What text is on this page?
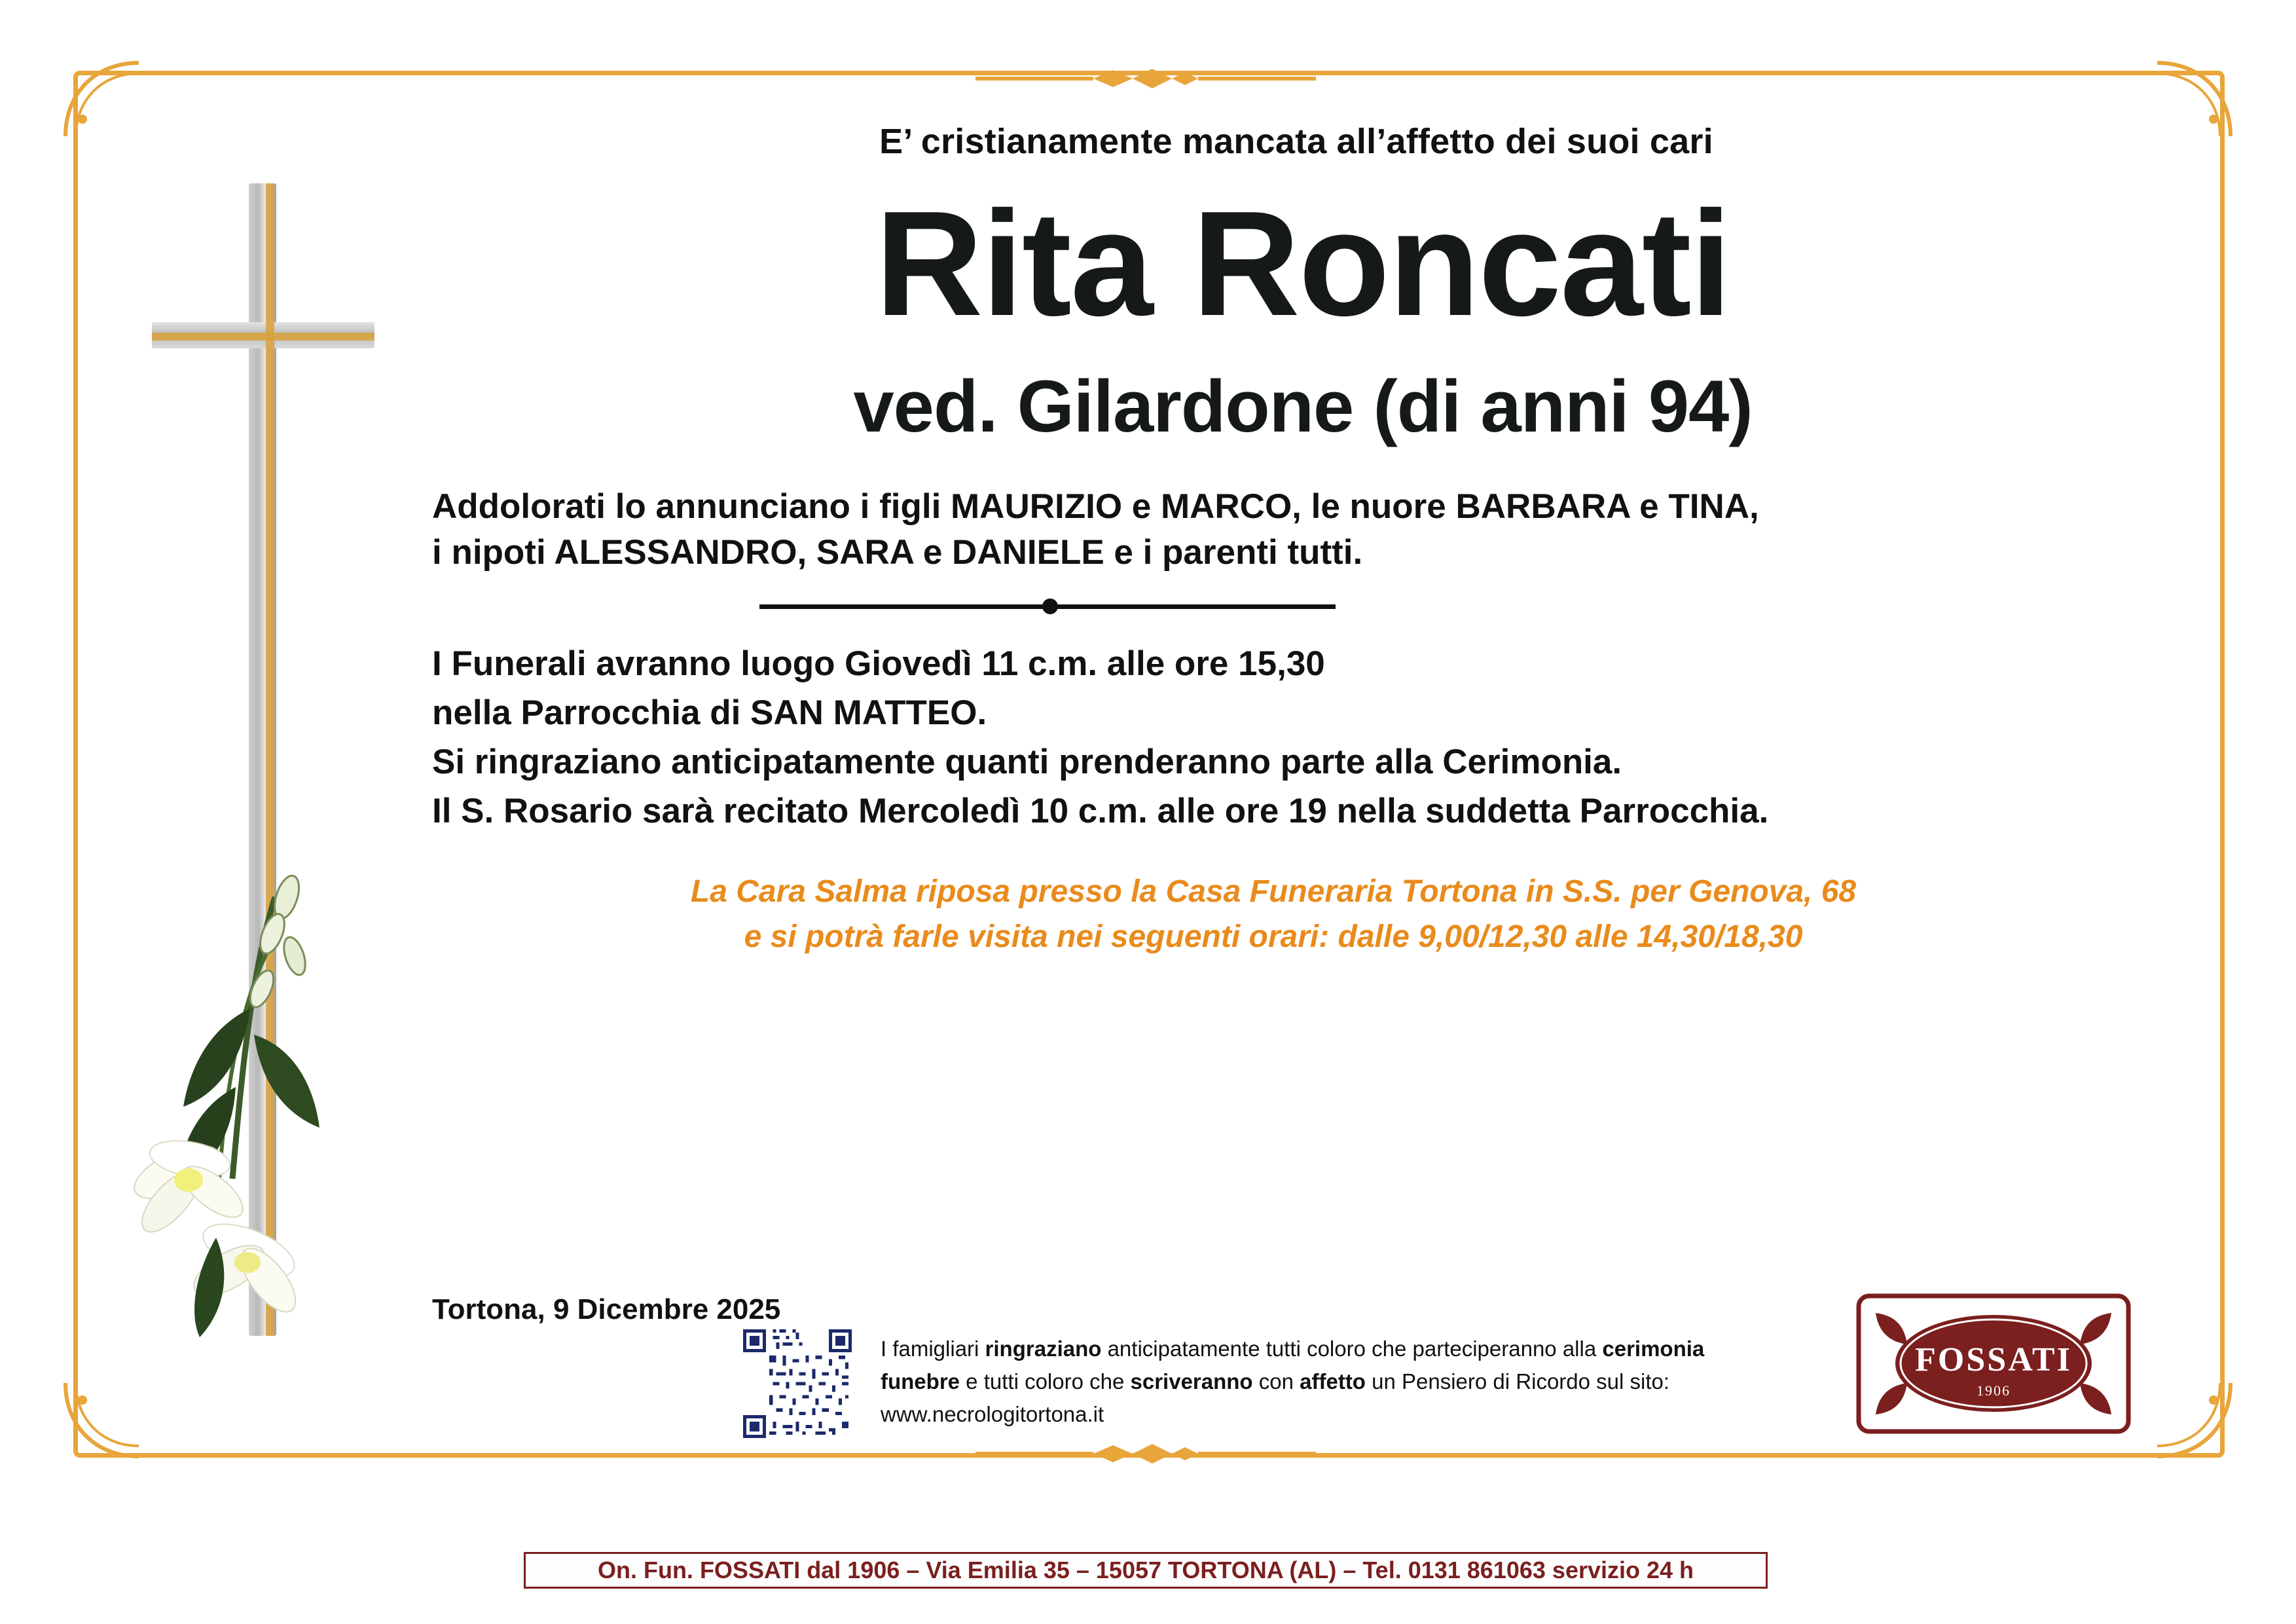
E’ cristianamente mancata all’affetto dei suoi cari
Rita Roncati
ved. Gilardone (di anni 94)
Addolorati lo annunciano i figli MAURIZIO e MARCO, le nuore BARBARA e TINA,
i nipoti ALESSANDRO, SARA e DANIELE e i parenti tutti.
I Funerali avranno luogo Giovedì 11 c.m. alle ore 15,30
nella Parrocchia di SAN MATTEO.
Si ringraziano anticipatamente quanti prenderanno parte alla Cerimonia.
Il S. Rosario sarà recitato Mercoledì 10 c.m. alle ore 19 nella suddetta Parrocchia.
La Cara Salma riposa presso la Casa Funeraria Tortona in S.S. per Genova, 68
e si potrà farle visita nei seguenti orari: dalle 9,00/12,30 alle 14,30/18,30
Tortona, 9 Dicembre 2025
I famigliari ringraziano anticipatamente tutti coloro che parteciperanno alla cerimonia funebre e tutti coloro che scriveranno con affetto un Pensiero di Ricordo sul sito: www.necrologitortona.it
FOSSATI
1906
On. Fun. FOSSATI dal 1906 – Via Emilia 35 – 15057 TORTONA (AL) – Tel. 0131 861063 servizio 24 h
